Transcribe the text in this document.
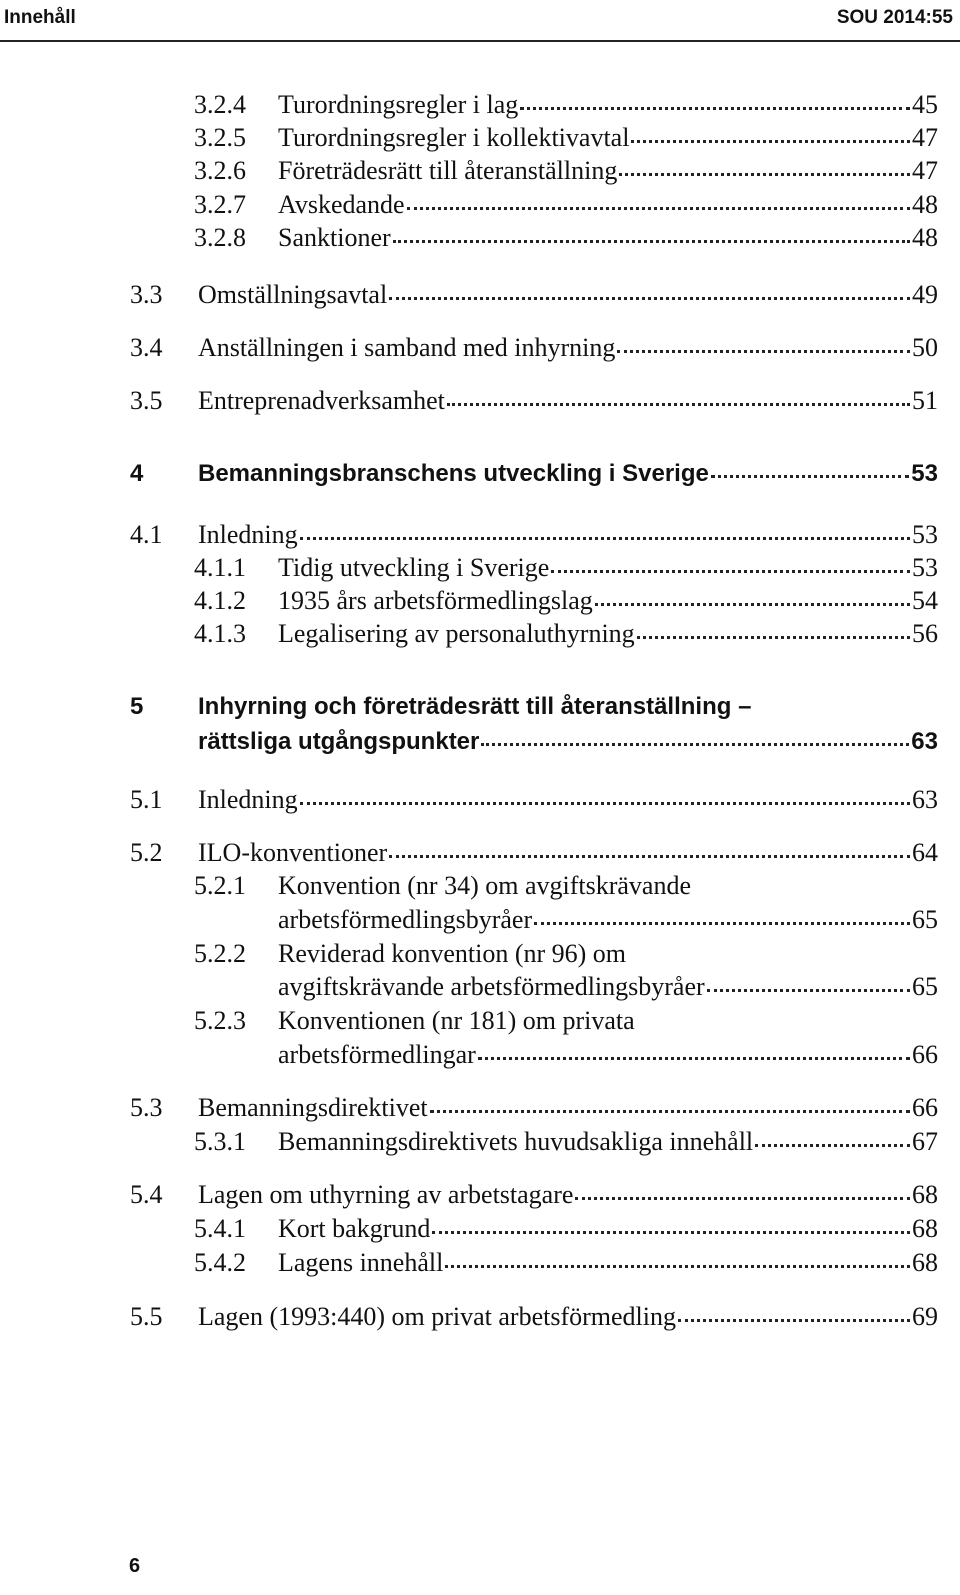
Innehåll	SOU 2014:55
3.2.4	Turordningsregler i lag	45
3.2.5	Turordningsregler i kollektivavtal	47
3.2.6	Företrädesrätt till återanställning	47
3.2.7	Avskedande	48
3.2.8	Sanktioner	48
3.3	Omställningsavtal	49
3.4	Anställningen i samband med inhyrning	50
3.5	Entreprenadverksamhet	51
4	Bemanningsbranschens utveckling i Sverige	53
4.1	Inledning	53
4.1.1	Tidig utveckling i Sverige	53
4.1.2	1935 års arbetsförmedlingslag	54
4.1.3	Legalisering av personaluthyrning	56
5	Inhyrning och företrädesrätt till återanställning –
rättsliga utgångspunkter	63
5.1	Inledning	63
5.2	ILO-konventioner	64
5.2.1	Konvention (nr 34) om avgiftskrävande
arbetsförmedlingsbyråer	65
5.2.2	Reviderad konvention (nr 96) om
avgiftskrävande arbetsförmedlingsbyråer	65
5.2.3	Konventionen (nr 181) om privata
arbetsförmedlingar	66
5.3	Bemanningsdirektivet	66
5.3.1	Bemanningsdirektivets huvudsakliga innehåll	67
5.4	Lagen om uthyrning av arbetstagare	68
5.4.1	Kort bakgrund	68
5.4.2	Lagens innehåll	68
5.5	Lagen (1993:440) om privat arbetsförmedling	69
6
